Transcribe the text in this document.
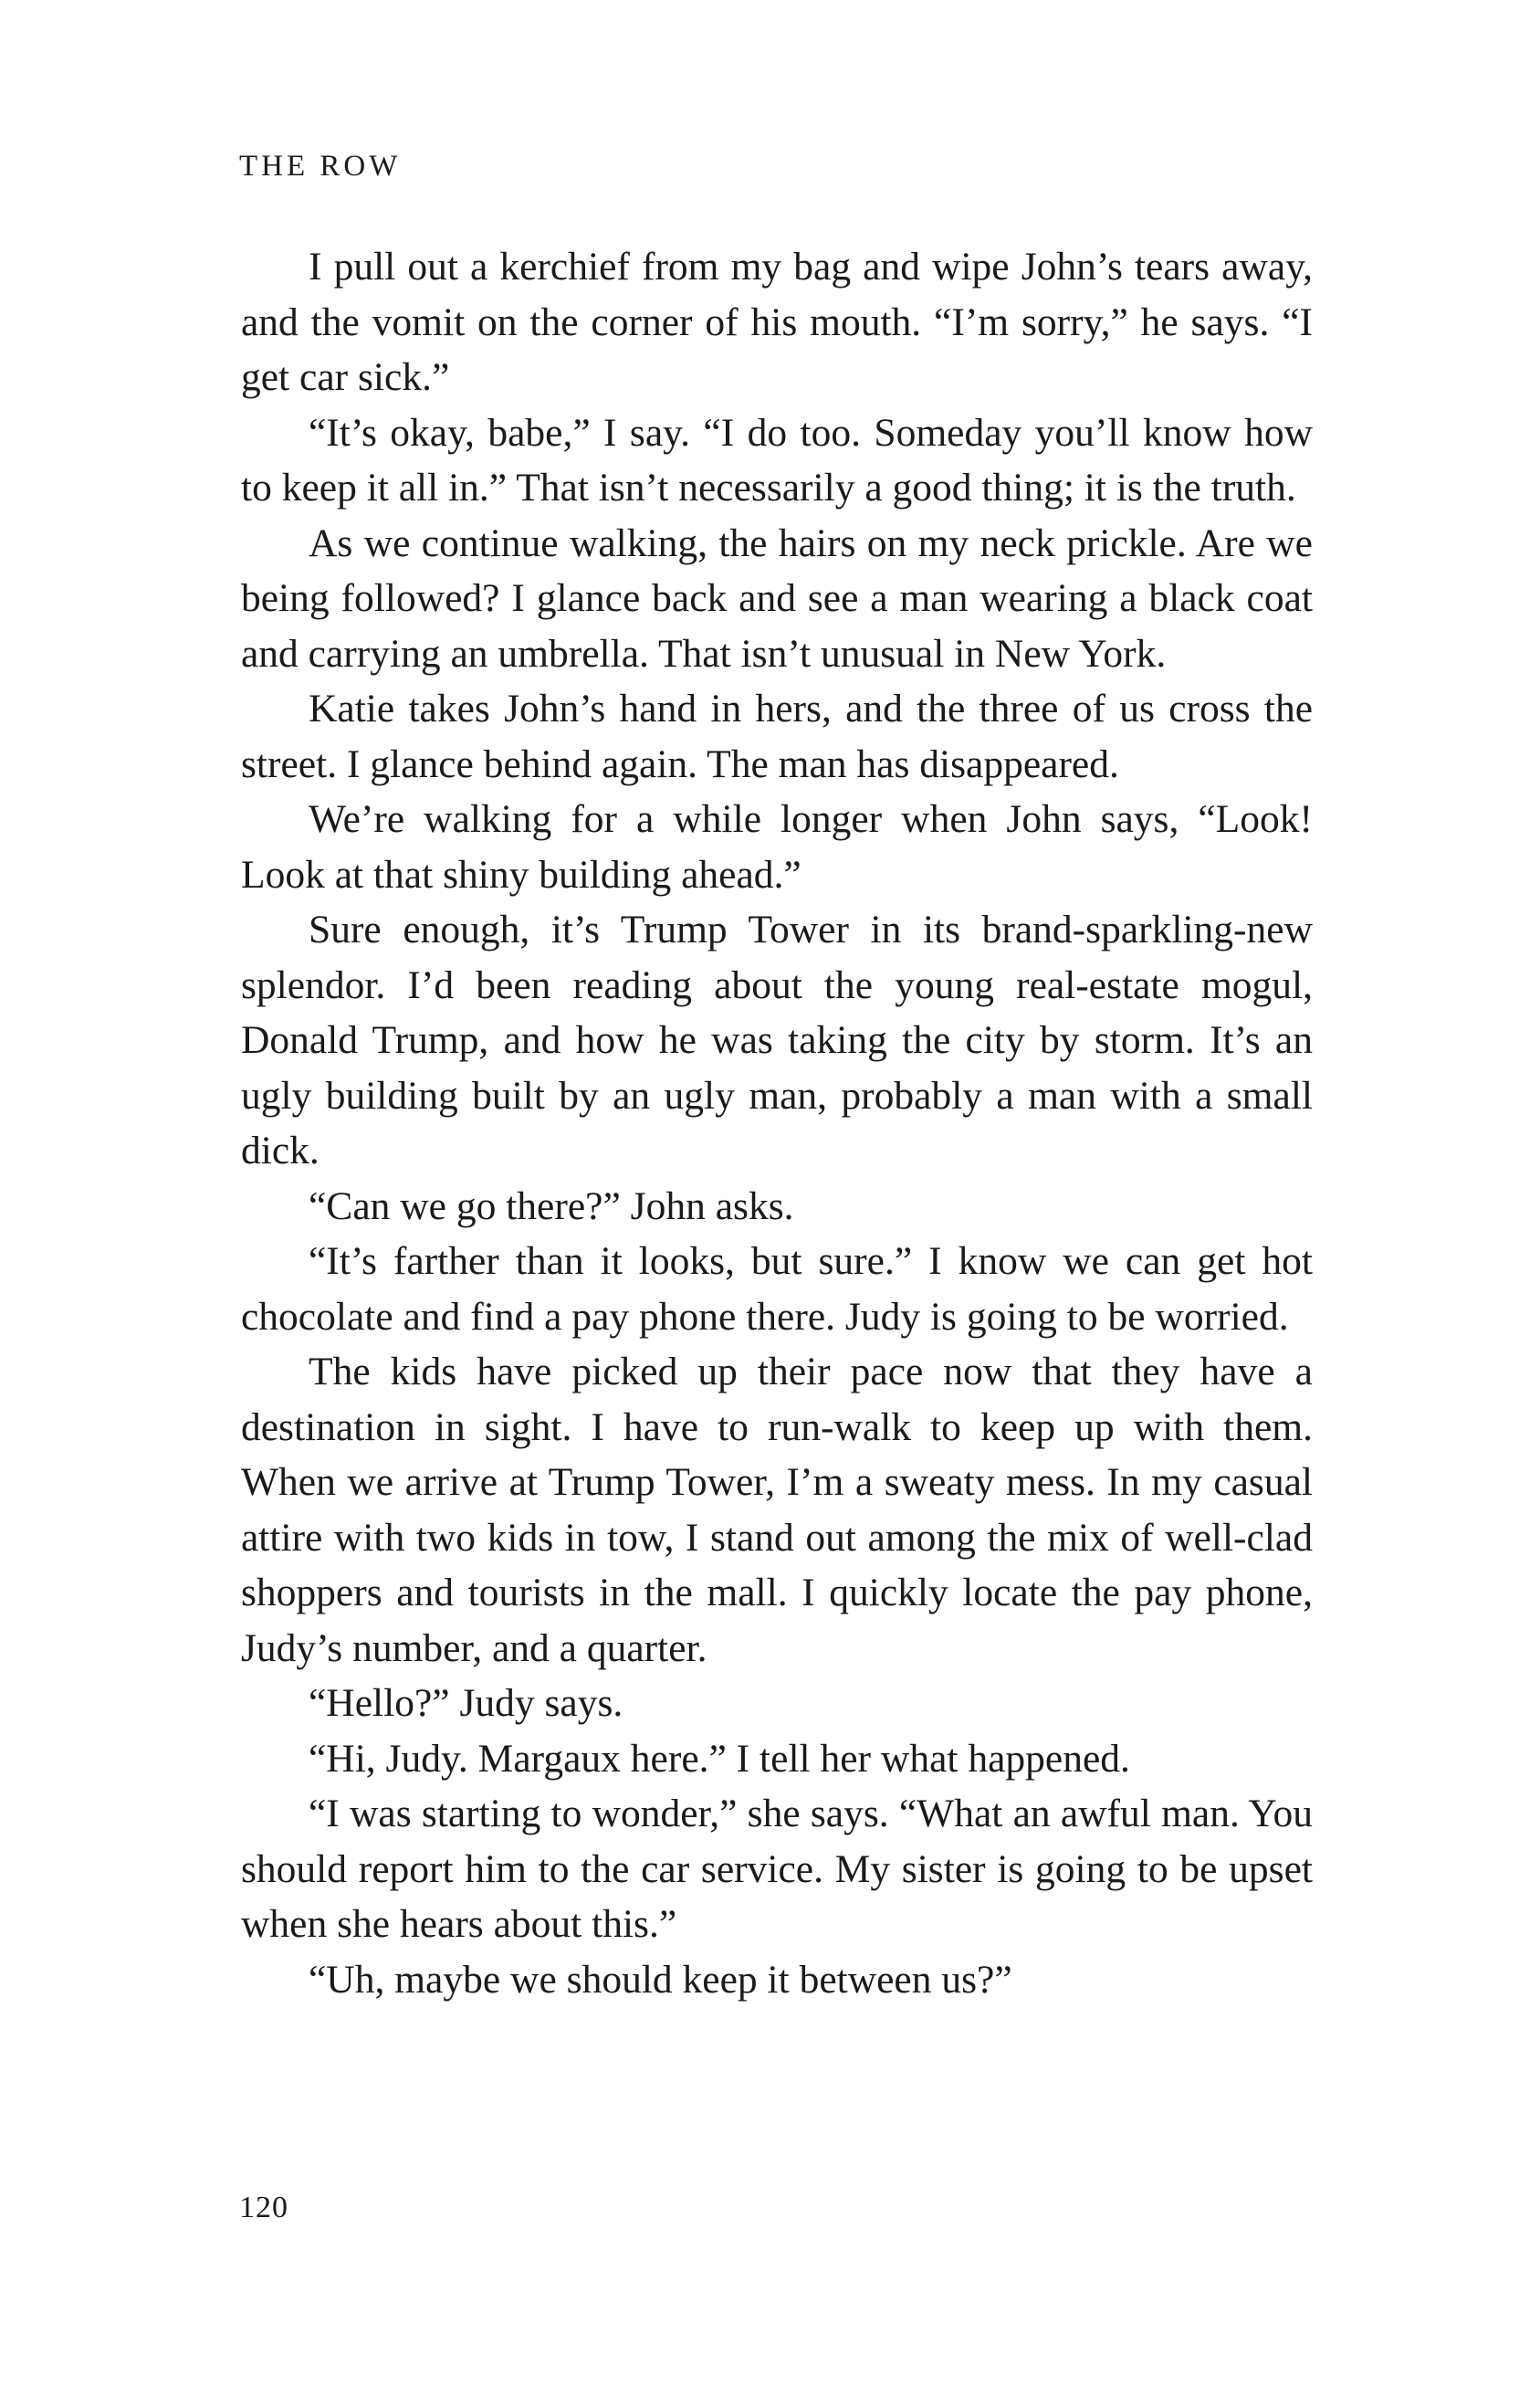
THE ROW

I pull out a kerchief from my bag and wipe John’s tears away, and the vomit on the corner of his mouth. “I’m sorry,” he says. “I get car sick.”

“It’s okay, babe,” I say. “I do too. Someday you’ll know how to keep it all in.” That isn’t necessarily a good thing; it is the truth.

As we continue walking, the hairs on my neck prickle. Are we being followed? I glance back and see a man wearing a black coat and carrying an umbrella. That isn’t unusual in New York.

Katie takes John’s hand in hers, and the three of us cross the street. I glance behind again. The man has disappeared.

We’re walking for a while longer when John says, “Look! Look at that shiny building ahead.”

Sure enough, it’s Trump Tower in its brand-sparkling-new splendor. I’d been reading about the young real-estate mogul, Donald Trump, and how he was taking the city by storm. It’s an ugly building built by an ugly man, probably a man with a small dick.

“Can we go there?” John asks.

“It’s farther than it looks, but sure.” I know we can get hot chocolate and find a pay phone there. Judy is going to be worried.

The kids have picked up their pace now that they have a destination in sight. I have to run-walk to keep up with them. When we arrive at Trump Tower, I’m a sweaty mess. In my casual attire with two kids in tow, I stand out among the mix of well-clad shoppers and tourists in the mall. I quickly locate the pay phone, Judy’s number, and a quarter.

“Hello?” Judy says.

“Hi, Judy. Margaux here.” I tell her what happened.

“I was starting to wonder,” she says. “What an awful man. You should report him to the car service. My sister is going to be upset when she hears about this.”

“Uh, maybe we should keep it between us?”

120
